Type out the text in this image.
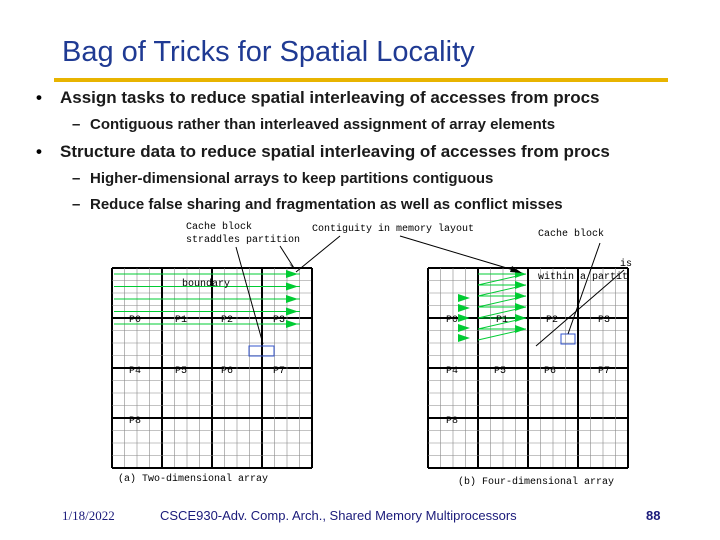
Bag of Tricks for Spatial Locality
• Assign tasks to reduce spatial interleaving of accesses from procs
– Contiguous rather than interleaved assignment of array elements
• Structure data to reduce spatial interleaving of accesses from procs
– Higher-dimensional arrays to keep partitions contiguous
– Reduce false sharing and fragmentation as well as conflict misses
Cache block
straddles partition
Contiguity in memory layout	Cache block
is
within a partit
boundary
P0	P1	P2	P3
P4	P5	P6	P7
P8
P0	P1	P2	P3
P4	P5	P6	P7
P8
(a) Two-dimensional array	(b) Four-dimensional array
1/18/2022	CSCE930-Adv. Comp. Arch., Shared Memory Multiprocessors	88
